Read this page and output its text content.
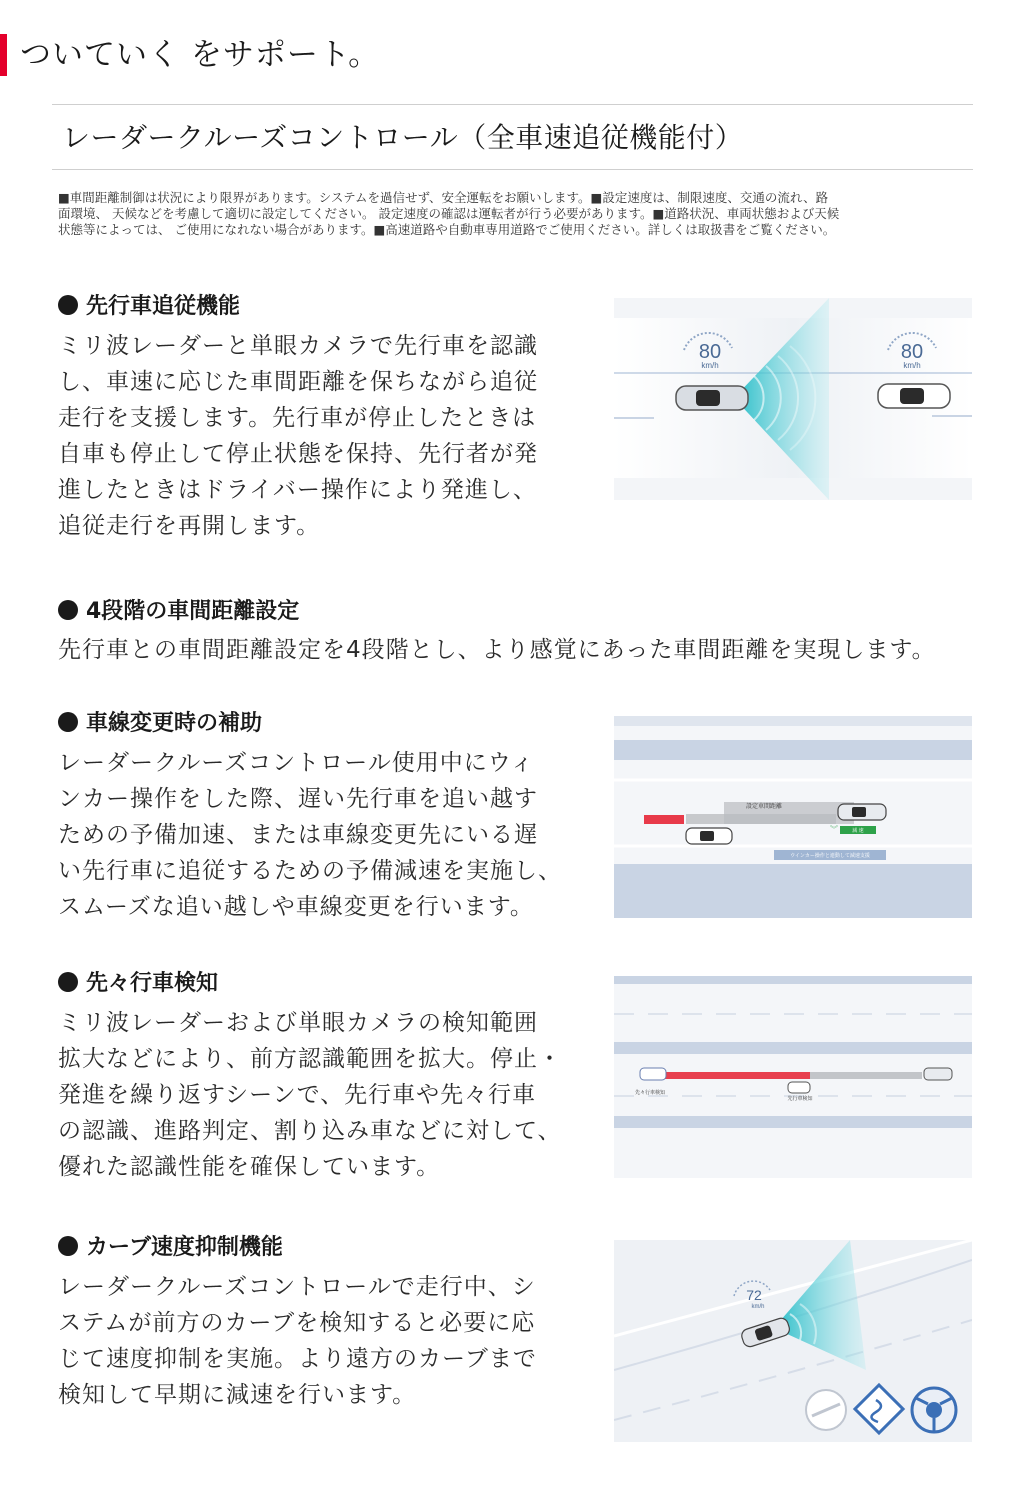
ついていく をサポート。
レーダークルーズコントロール（全車速追従機能付）
■車間距離制御は状況により限界があります。システムを過信せず、安全運転をお願いします。■設定速度は、制限速度、交通の流れ、路
面環境、 天候などを考慮して適切に設定してください。 設定速度の確認は運転者が行う必要があります。■道路状況、車両状態および天候
状態等によっては、 ご使用になれない場合があります。■高速道路や自動車専用道路でご使用ください。詳しくは取扱書をご覧ください。
先行車追従機能
ミリ波レーダーと単眼カメラで先行車を認識
し、車速に応じた車間距離を保ちながら追従
走行を支援します。先行車が停止したときは
自車も停止して停止状態を保持、先行者が発
進したときはドライバー操作により発進し、
追従走行を再開します。
80
km/h
80
km/h
4段階の車間距離設定
先行車との車間距離設定を4段階とし、より感覚にあった車間距離を実現します。
車線変更時の補助
レーダークルーズコントロール使用中にウィ
ンカー操作をした際、遅い先行車を追い越す
ための予備加速、または車線変更先にいる遅
い先行車に追従するための予備減速を実施し、
スムーズな追い越しや車線変更を行います。
設定車間距離
減 速
︾
ウインカー操作と連動して減速支援
先々行車検知
ミリ波レーダーおよび単眼カメラの検知範囲
拡大などにより、前方認識範囲を拡大。停止・
発進を繰り返すシーンで、先行車や先々行車
の認識、進路判定、割り込み車などに対して、
優れた認識性能を確保しています。
先々行車検知
先行車検知
カーブ速度抑制機能
レーダークルーズコントロールで走行中、シ
ステムが前方のカーブを検知すると必要に応
じて速度抑制を実施。より遠方のカーブまで
検知して早期に減速を行います。
72
km/h
